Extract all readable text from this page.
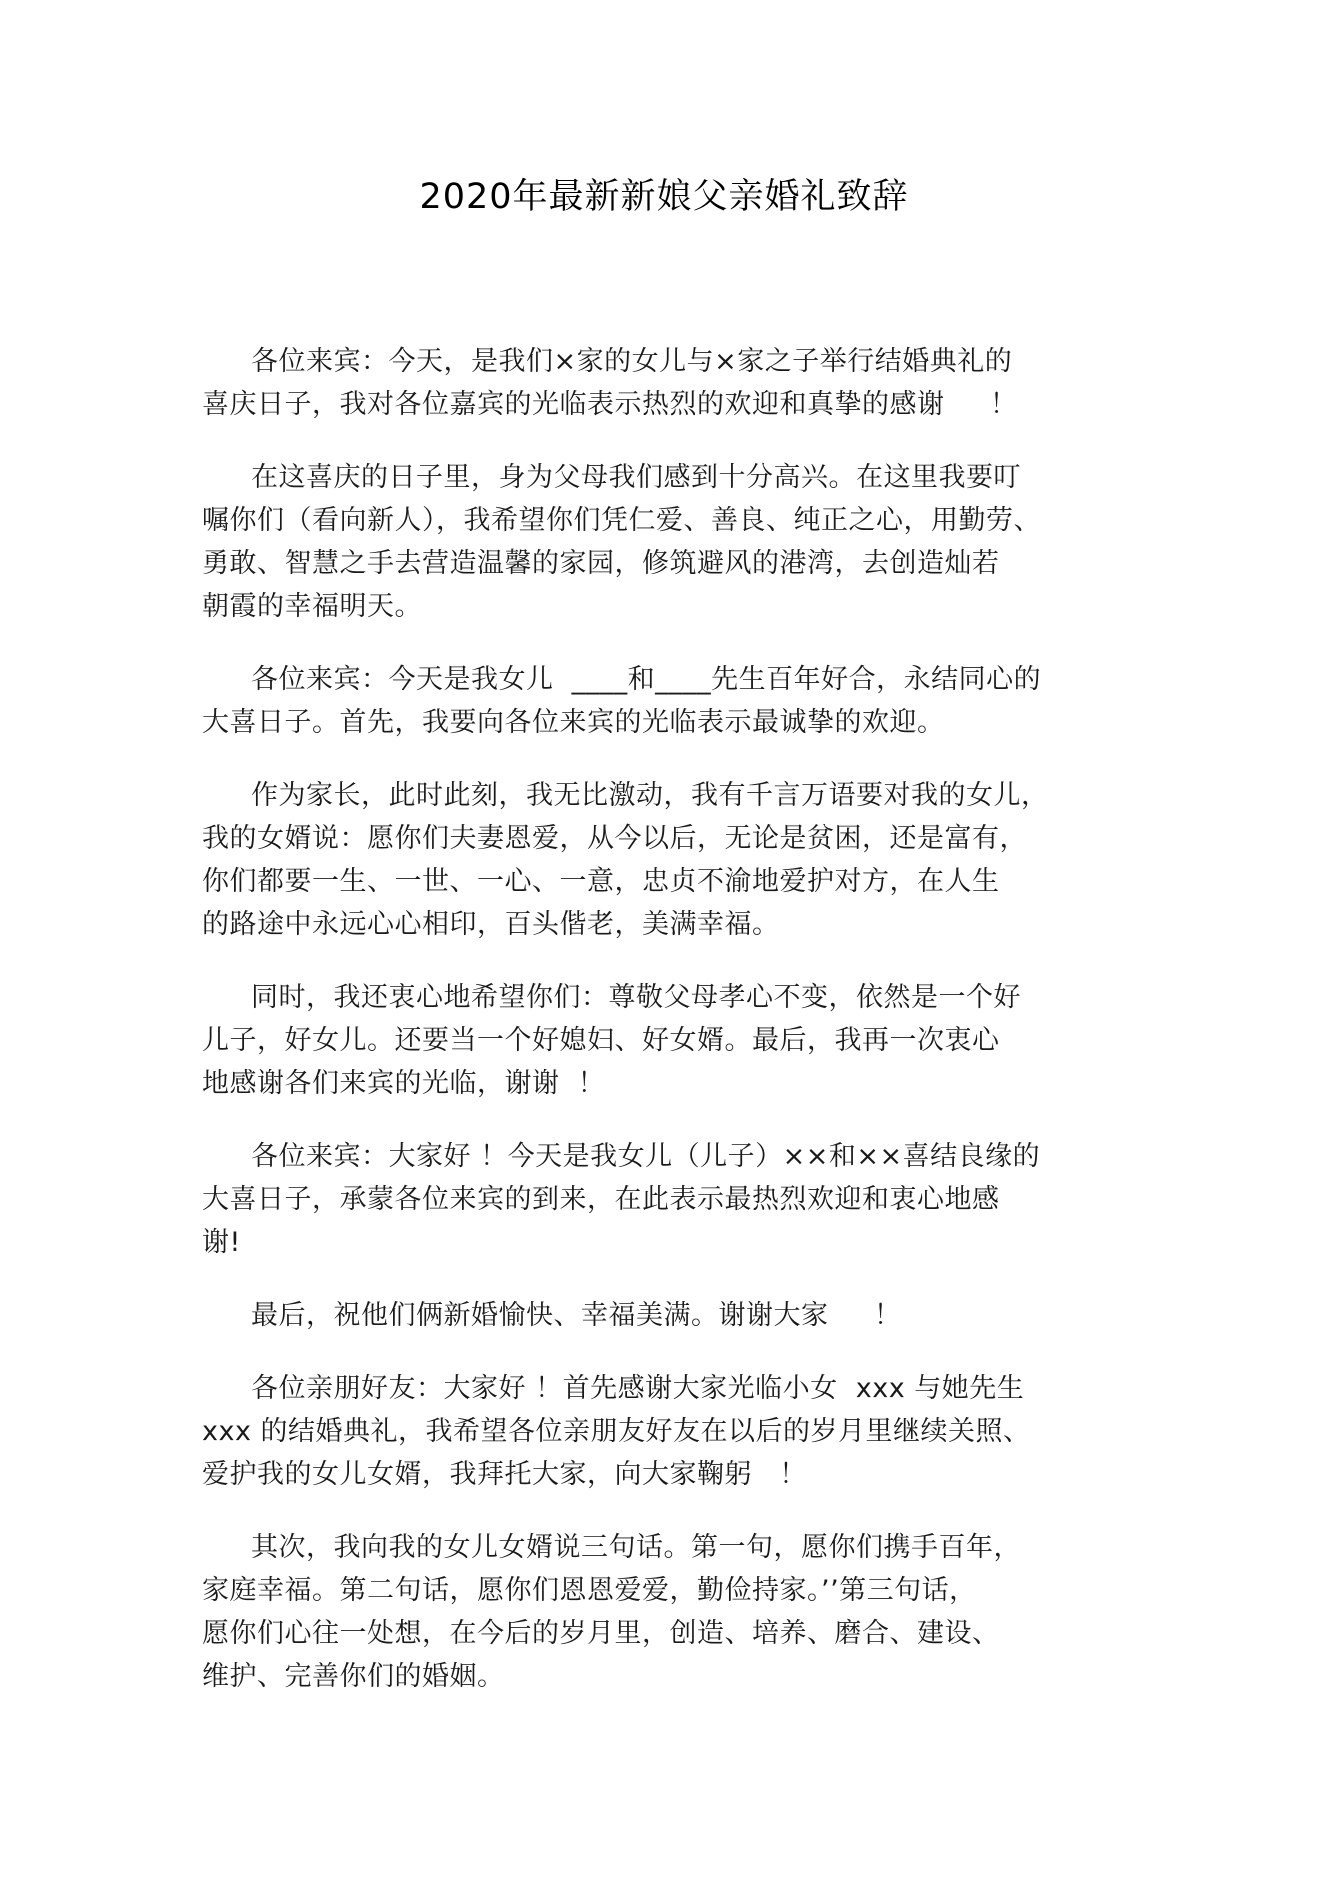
2020年最新新娘父亲婚礼致辞
各位来宾：今天，是我们×家的女儿与×家之子举行结婚典礼的
喜庆日子，我对各位嘉宾的光临表示热烈的欢迎和真挚的感谢     ！
在这喜庆的日子里，身为父母我们感到十分高兴。在这里我要叮
嘱你们（看向新人），我希望你们凭仁爱、善良、纯正之心，用勤劳、
勇敢、智慧之手去营造温馨的家园，修筑避风的港湾，去创造灿若
朝霞的幸福明天。
各位来宾：今天是我女儿  ____和____先生百年好合，永结同心的
大喜日子。首先，我要向各位来宾的光临表示最诚挚的欢迎。
作为家长，此时此刻，我无比激动，我有千言万语要对我的女儿，
我的女婿说：愿你们夫妻恩爱，从今以后，无论是贫困，还是富有，
你们都要一生、一世、一心、一意，忠贞不渝地爱护对方，在人生
的路途中永远心心相印，百头偕老，美满幸福。
同时，我还衷心地希望你们：尊敬父母孝心不变，依然是一个好
儿子，好女儿。还要当一个好媳妇、好女婿。最后，我再一次衷心
地感谢各们来宾的光临，谢谢  ！
各位来宾：大家好 ！今天是我女儿（儿子）××和××喜结良缘的
大喜日子，承蒙各位来宾的到来，在此表示最热烈欢迎和衷心地感
谢!
最后，祝他们俩新婚愉快、幸福美满。谢谢大家     ！
各位亲朋好友：大家好 ！首先感谢大家光临小女  xxx 与她先生
xxx 的结婚典礼，我希望各位亲朋友好友在以后的岁月里继续关照、
爱护我的女儿女婿，我拜托大家，向大家鞠躬   ！
其次，我向我的女儿女婿说三句话。第一句，愿你们携手百年，
家庭幸福。第二句话，愿你们恩恩爱爱，勤俭持家。’’第三句话，
愿你们心往一处想，在今后的岁月里，创造、培养、磨合、建设、
维护、完善你们的婚姻。
